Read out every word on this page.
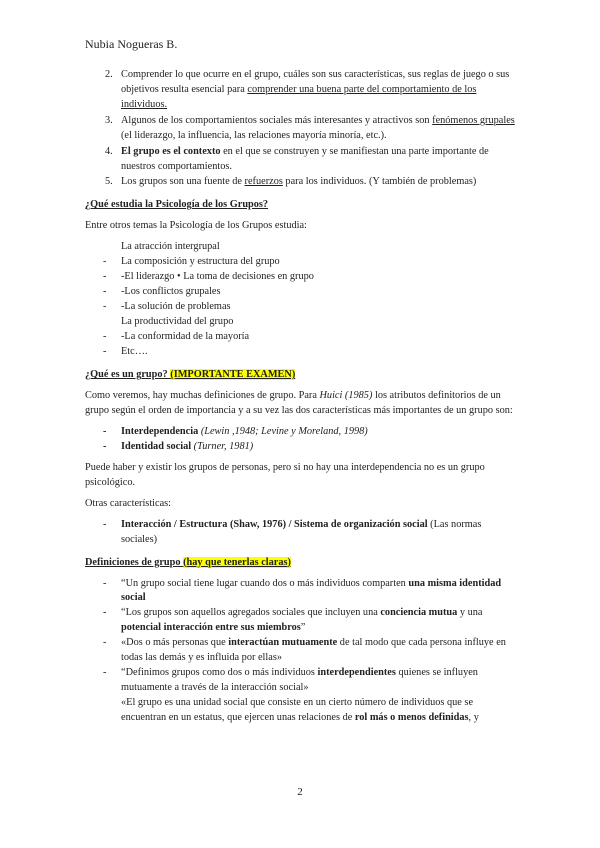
Nubia Nogueras B.
2. Comprender lo que ocurre en el grupo, cuáles son sus características, sus reglas de juego o sus objetivos resulta esencial para comprender una buena parte del comportamiento de los individuos.
3. Algunos de los comportamientos sociales más interesantes y atractivos son fenómenos grupales (el liderazgo, la influencia, las relaciones mayoría minoría, etc.).
4. El grupo es el contexto en el que se construyen y se manifiestan una parte importante de nuestros comportamientos.
5. Los grupos son una fuente de refuerzos para los individuos. (Y también de problemas)
¿Qué estudia la Psicología de los Grupos?

Entre otros temas la Psicología de los Grupos estudia:

La atracción intergrupal
- La composición y estructura del grupo
- -El liderazgo • La toma de decisiones en grupo
- -Los conflictos grupales
- -La solución de problemas
La productividad del grupo
- -La conformidad de la mayoría
- Etc….
¿Qué es un grupo? (IMPORTANTE EXAMEN)

Como veremos, hay muchas definiciones de grupo. Para Huici (1985) los atributos definitorios de un grupo según el orden de importancia y a su vez las dos características más importantes de un grupo son:

- Interdependencia (Lewin ,1948; Levine y Moreland, 1998)
- Identidad social (Turner, 1981)

Puede haber y existir los grupos de personas, pero si no hay una interdependencia no es un grupo psicológico.

Otras características:

- Interacción / Estructura (Shaw, 1976) / Sistema de organización social (Las normas sociales)
Definiciones de grupo (hay que tenerlas claras)
- “Un grupo social tiene lugar cuando dos o más individuos comparten una misma identidad social
- “Los grupos son aquellos agregados sociales que incluyen una conciencia mutua y una potencial interacción entre sus miembros”
- «Dos o más personas que interactúan mutuamente de tal modo que cada persona influye en todas las demás y es influida por ellas»
- “Definimos grupos como dos o más individuos interdependientes quienes se influyen mutuamente a través de la interacción social»
«El grupo es una unidad social que consiste en un cierto número de individuos que se encuentran en un estatus, que ejercen unas relaciones de rol más o menos definidas, y
2
